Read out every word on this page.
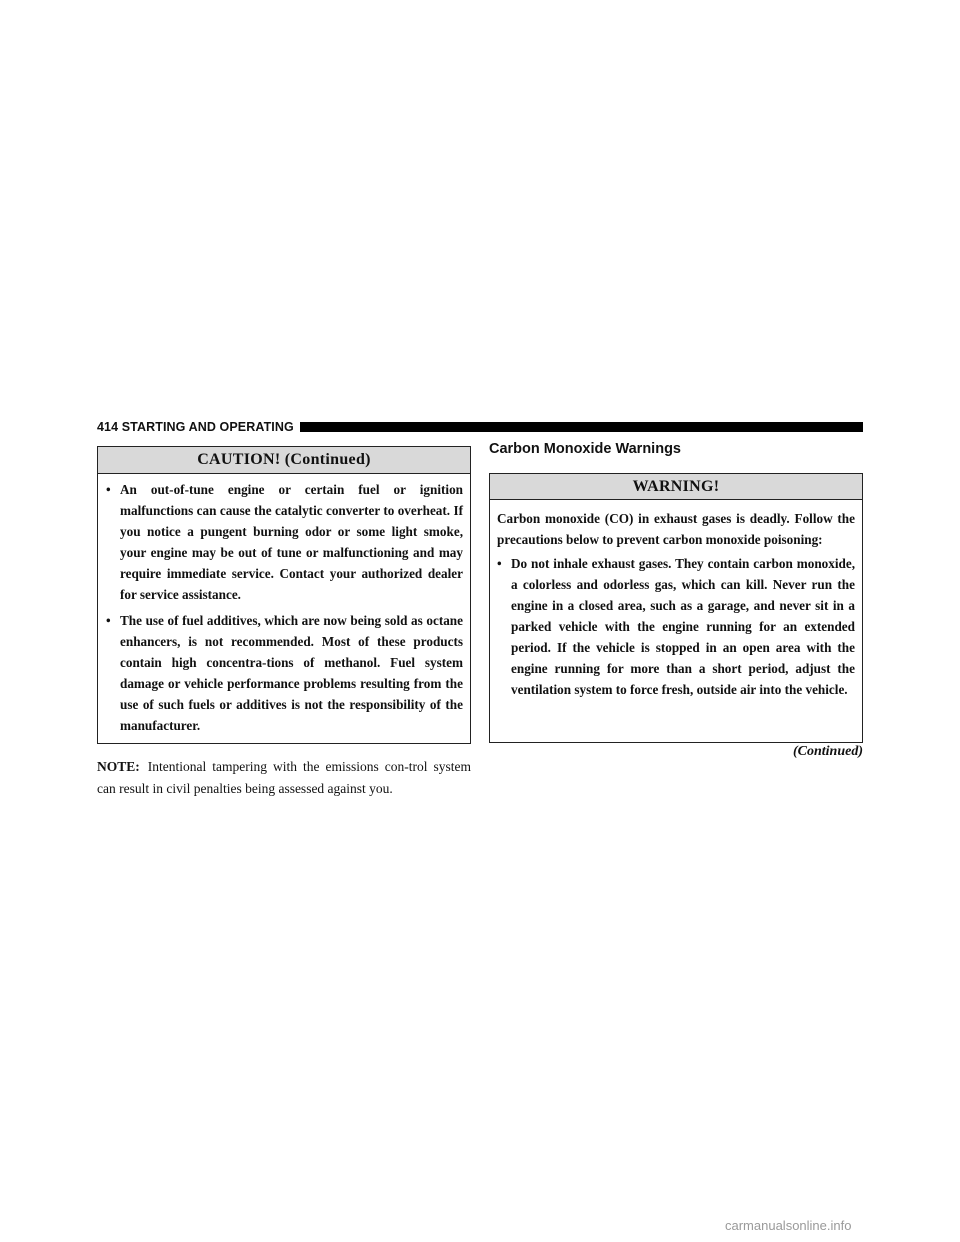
414 STARTING AND OPERATING
CAUTION! (Continued)
• An out-of-tune engine or certain fuel or ignition malfunctions can cause the catalytic converter to overheat. If you notice a pungent burning odor or some light smoke, your engine may be out of tune or malfunctioning and may require immediate service. Contact your authorized dealer for service assistance.
• The use of fuel additives, which are now being sold as octane enhancers, is not recommended. Most of these products contain high concentra-tions of methanol. Fuel system damage or vehicle performance problems resulting from the use of such fuels or additives is not the responsibility of the manufacturer.
NOTE: Intentional tampering with the emissions con-trol system can result in civil penalties being assessed against you.
Carbon Monoxide Warnings
WARNING!
Carbon monoxide (CO) in exhaust gases is deadly. Follow the precautions below to prevent carbon monoxide poisoning:
• Do not inhale exhaust gases. They contain carbon monoxide, a colorless and odorless gas, which can kill. Never run the engine in a closed area, such as a garage, and never sit in a parked vehicle with the engine running for an extended period. If the vehicle is stopped in an open area with the engine running for more than a short period, adjust the ventilation system to force fresh, outside air into the vehicle.
(Continued)
carmanualsonline.info
